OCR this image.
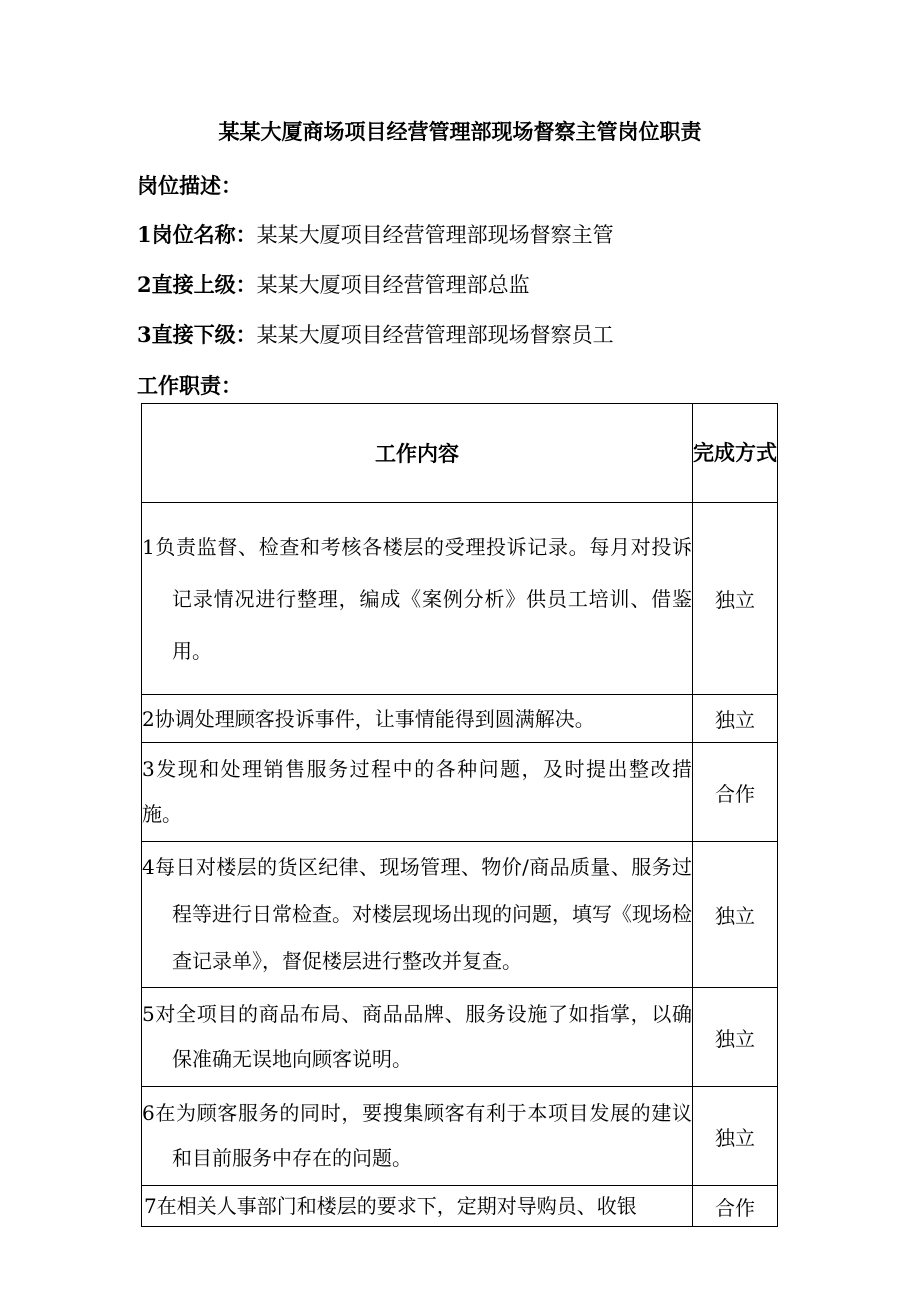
某某大厦商场项目经营管理部现场督察主管岗位职责
岗位描述：
1岗位名称：某某大厦项目经营管理部现场督察主管
2直接上级：某某大厦项目经营管理部总监
3直接下级：某某大厦项目经营管理部现场督察员工
工作职责：
工作内容	完成方式

1负责监督、检查和考核各楼层的受理投诉记录。每月对投诉记录情况进行整理，编成《案例分析》供员工培训、借鉴用。	独立

2协调处理顾客投诉事件，让事情能得到圆满解决。	独立

3发现和处理销售服务过程中的各种问题，及时提出整改措施。	合作

4每日对楼层的货区纪律、现场管理、物价/商品质量、服务过程等进行日常检查。对楼层现场出现的问题，填写《现场检查记录单》，督促楼层进行整改并复查。	独立

5对全项目的商品布局、商品品牌、服务设施了如指掌，以确保准确无误地向顾客说明。	独立

6在为顾客服务的同时，要搜集顾客有利于本项目发展的建议和目前服务中存在的问题。	独立

7在相关人事部门和楼层的要求下，定期对导购员、收银	合作
